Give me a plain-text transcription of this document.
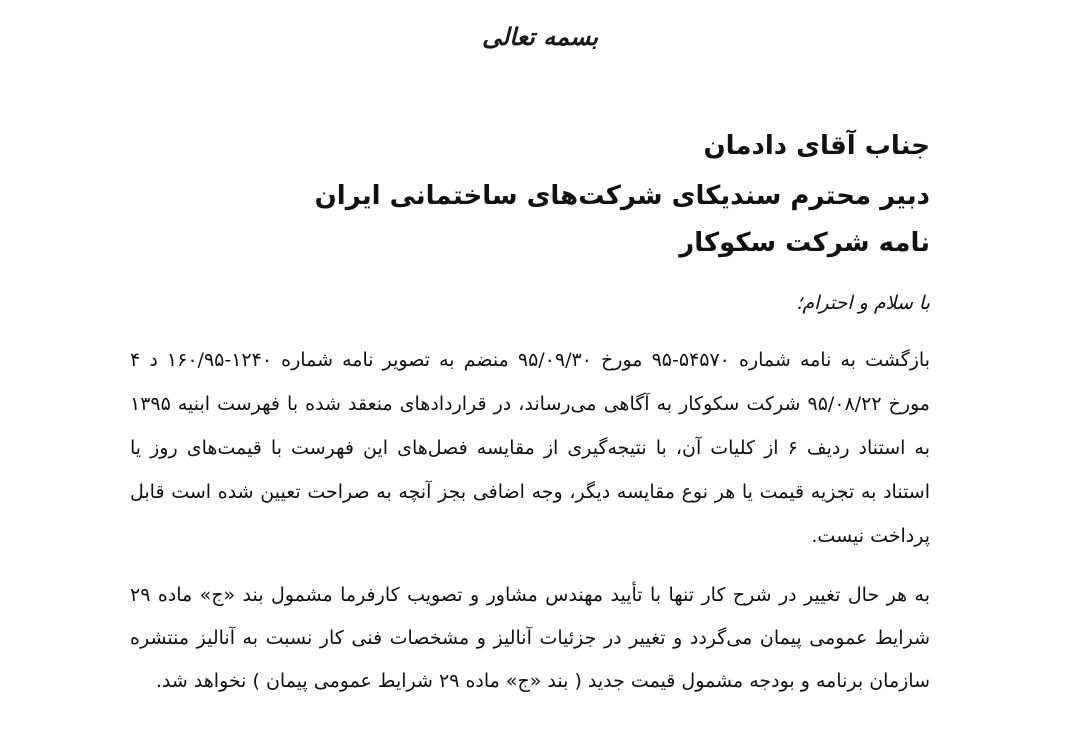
بسمه تعالی
جناب آقای دادمان
دبیر محترم سندیکای شرکت‌های ساختمانی ایران
نامه شرکت سکوکار
با سلام و احترام؛

بازگشت به نامه شماره ۵۴۵۷۰-۹۵ مورخ ۹۵/۰۹/۳۰ منضم به تصویر نامه شماره ۱۲۴۰-۱۶۰/۹۵ د ۴ مورخ ۹۵/۰۸/۲۲ شرکت سکوکار به آگاهی می‌رساند، در قراردادهای منعقد شده با فهرست ابنیه ۱۳۹۵ به استناد ردیف ۶ از کلیات آن، با نتیجه‌گیری از مقایسه فصل‌های این فهرست با قیمت‌های روز یا استناد به تجزیه قیمت یا هر نوع مقایسه دیگر، وجه اضافی بجز آنچه به صراحت تعیین شده است قابل پرداخت نیست.

به هر حال تغییر در شرح کار تنها با تأیید مهندس مشاور و تصویب کارفرما مشمول بند «ج» ماده ۲۹ شرایط عمومی پیمان می‌گردد و تغییر در جزئیات آنالیز و مشخصات فنی کار نسبت به آنالیز منتشره سازمان برنامه و بودجه مشمول قیمت جدید ( بند «ج» ماده ۲۹ شرایط عمومی پیمان ) نخواهد شد.
